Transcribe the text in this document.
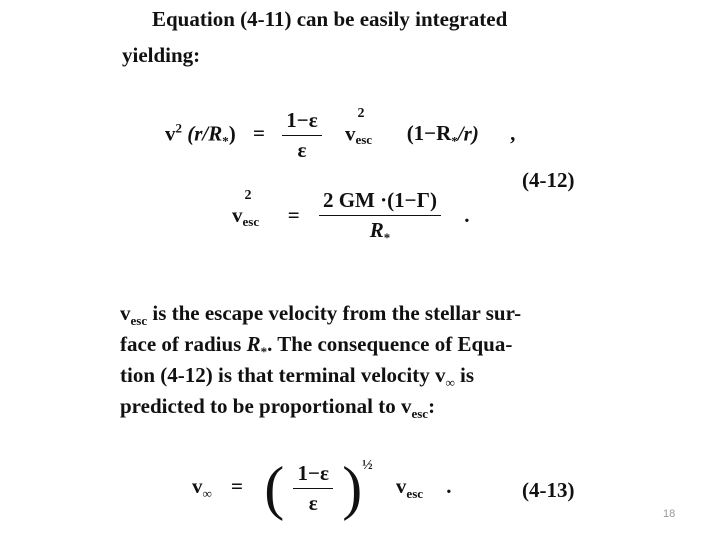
Equation (4-11) can be easily integrated
yielding:
$v^2$ $(r/R_*) = \frac{1-\varepsilon}{\varepsilon}$ v
2
esc $(1-R_*/r)$ ,
(4-12)
v
2
esc = $\frac{2 GM \cdot(1-\Gamma)}{R_*}$ .
$v_{esc}$ is the escape velocity from the stellar sur-
face of radius $R_*$. The consequence of Equa-
tion (4-12) is that terminal velocity $v_\infty$ is
predicted to be proportional to $v_{esc}$:
$v_\infty$ = ( $\frac{1-\varepsilon}{\varepsilon} )^{\frac{1}{2}}$ $v_{esc}$ .	(4-13)
18
